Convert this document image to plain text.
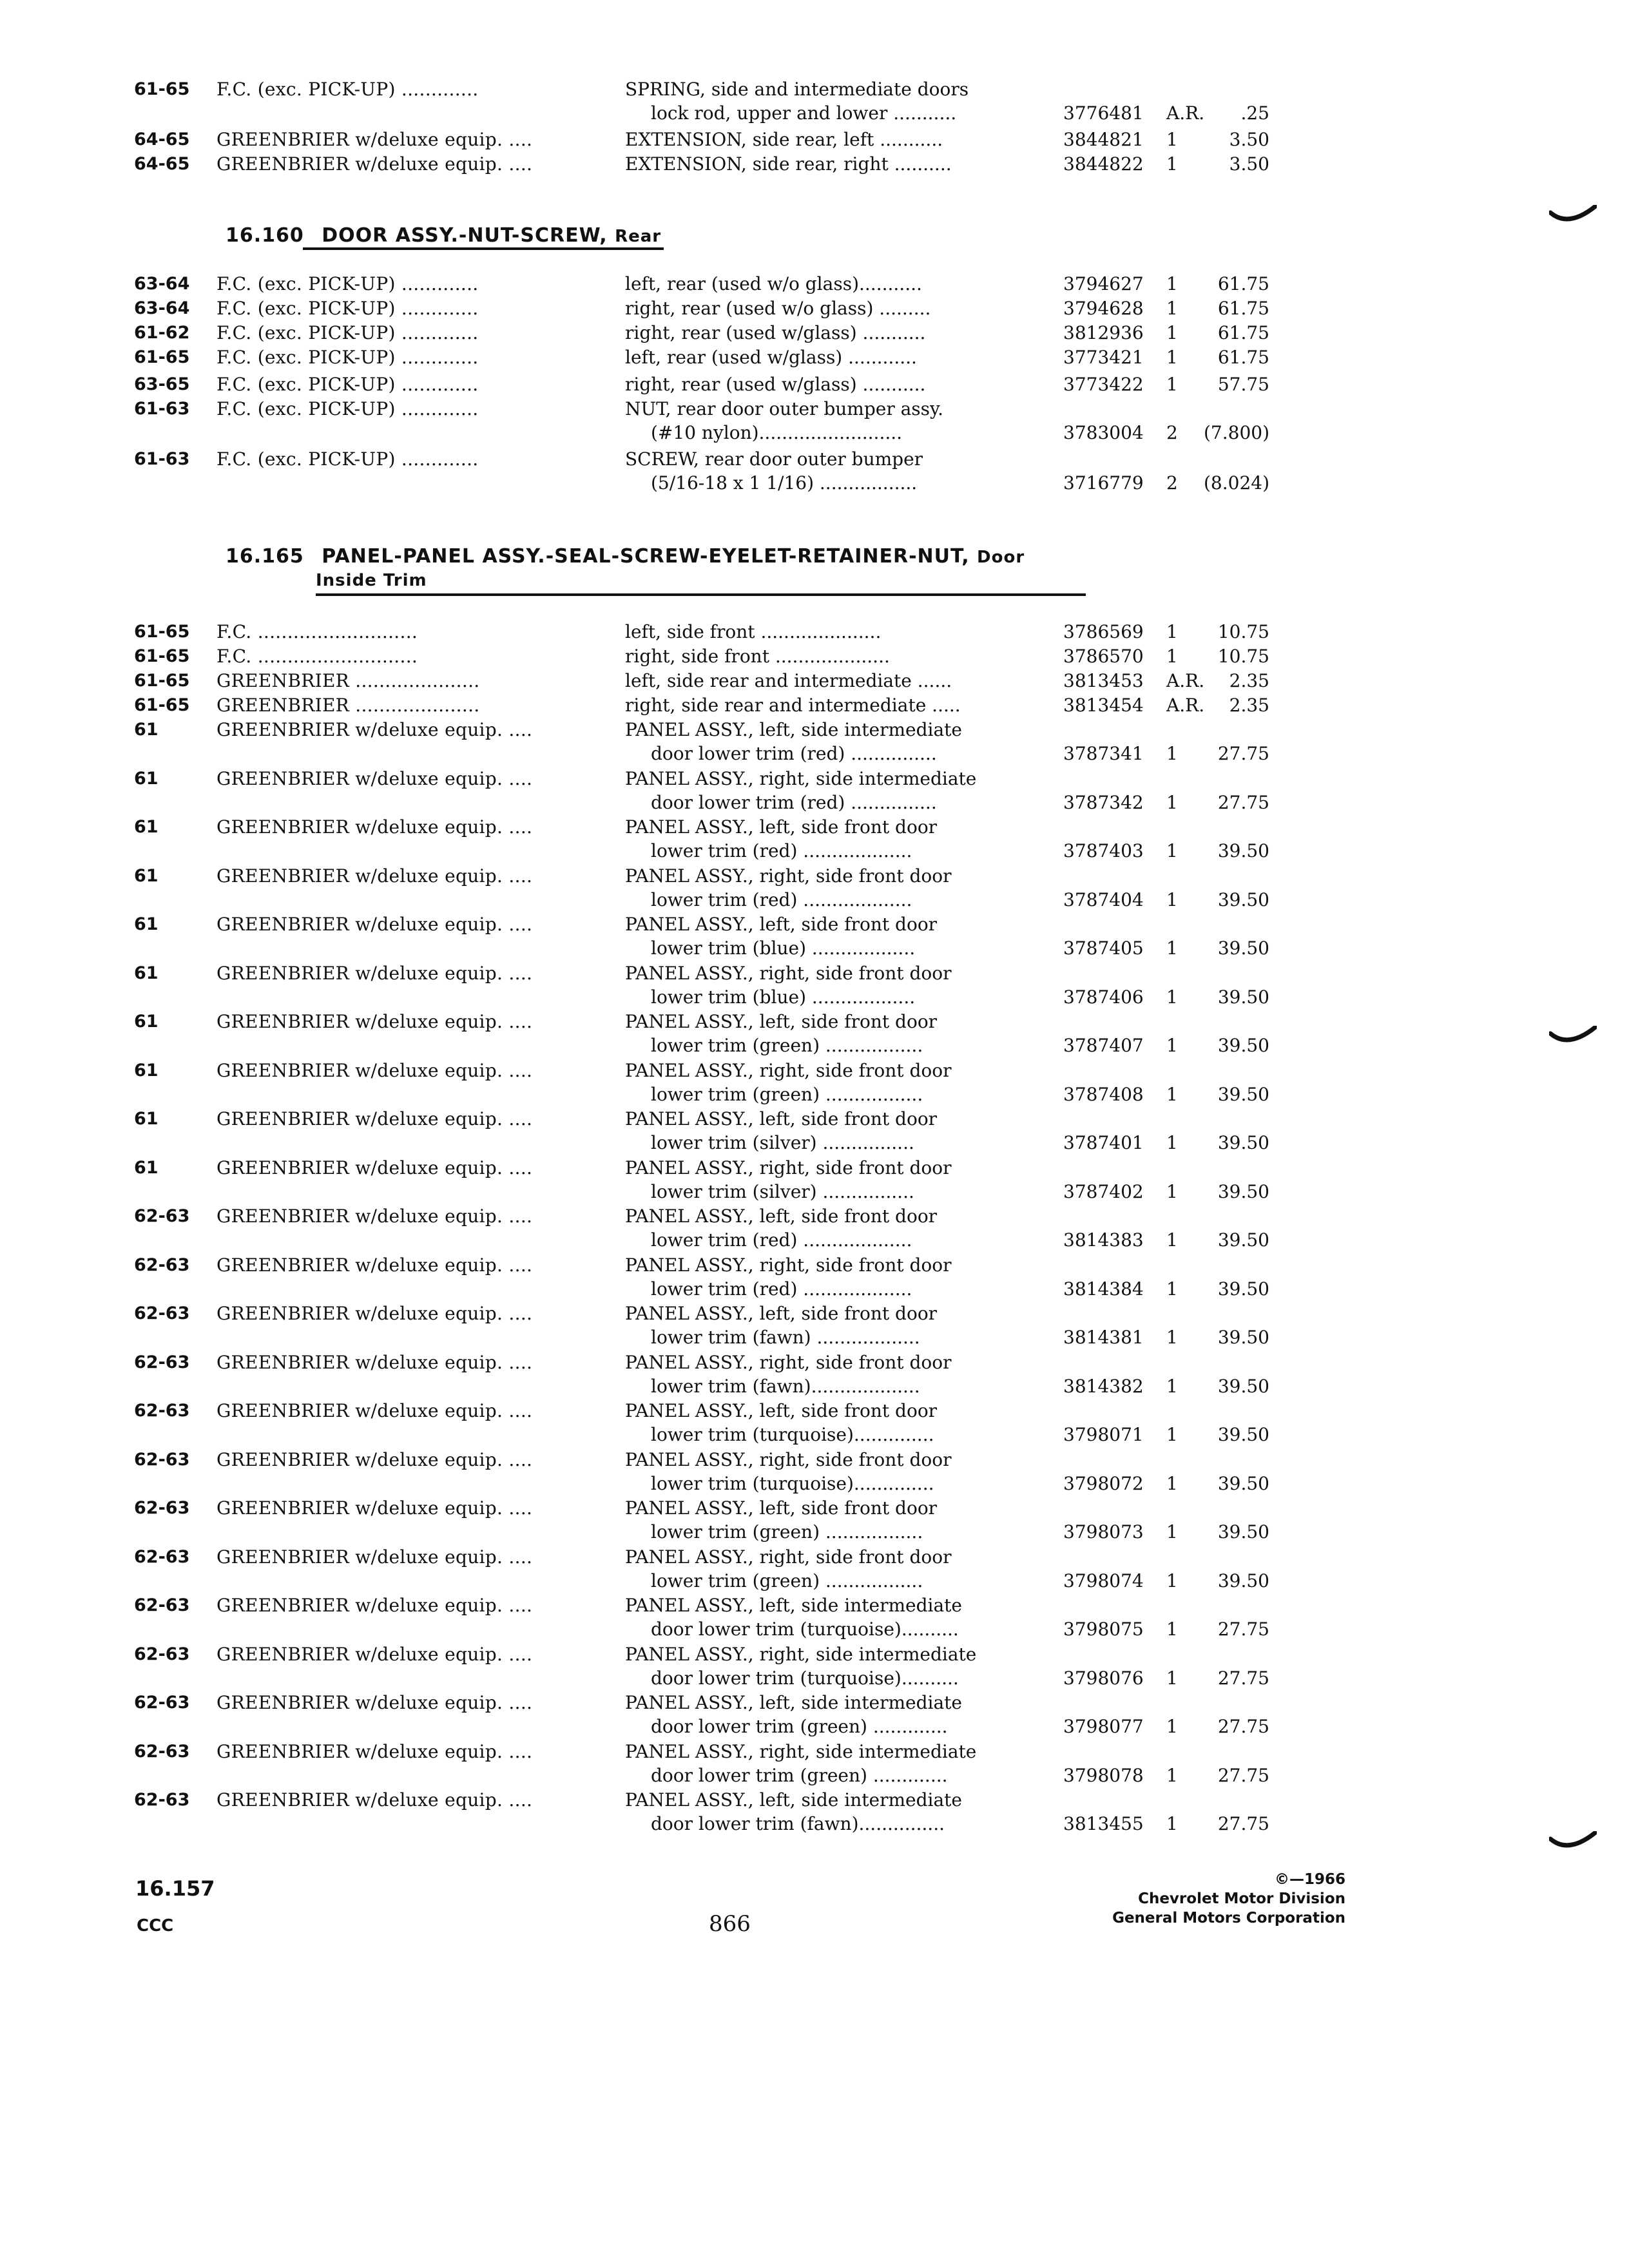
61-65 F.C. (exc. PICK-UP) .............	SPRING, side and intermediate doors
lock rod, upper and lower ...........	3776481 A.R. .25
64-65 GREENBRIER w/deluxe equip. ....	EXTENSION, side rear, left ...........	3844821 1	3.50
64-65 GREENBRIER w/deluxe equip. ....	EXTENSION, side rear, right ..........	3844822 1	3.50
16.160 DOOR ASSY.-NUT-SCREW, Rear
63-64 F.C. (exc. PICK-UP) .............	left, rear (used w/o glass)...........	3794627 1 61.75
63-64 F.C. (exc. PICK-UP) .............	right, rear (used w/o glass) .........	3794628 1 61.75
61-62 F.C. (exc. PICK-UP) .............	right, rear (used w/glass) ...........	3812936 1 61.75
61-65 F.C. (exc. PICK-UP) .............	left, rear (used w/glass) ............	3773421 1 61.75
63-65 F.C. (exc. PICK-UP) .............	right, rear (used w/glass) ...........	3773422 1 57.75
61-63 F.C. (exc. PICK-UP) .............	NUT, rear door outer bumper assy.
(#10 nylon).........................	3783004 2 (7.800)
61-63 F.C. (exc. PICK-UP) .............	SCREW, rear door outer bumper
(5/16-18 x 1 1/16) .................	3716779 2 (8.024)
16.165 PANEL-PANEL ASSY.-SEAL-SCREW-EYELET-RETAINER-NUT, Door
Inside Trim
61-65 F.C. ...........................	left, side front .....................	3786569 1 10.75
61-65 F.C. ...........................	right, side front ....................	3786570 1 10.75
61-65 GREENBRIER .....................	left, side rear and intermediate ......	3813453 A.R. 2.35
61-65 GREENBRIER .....................	right, side rear and intermediate .....	3813454 A.R. 2.35
61	GREENBRIER w/deluxe equip. ....	PANEL ASSY., left, side intermediate
door lower trim (red) ...............	3787341 1 27.75
61	GREENBRIER w/deluxe equip. ....	PANEL ASSY., right, side intermediate
door lower trim (red) ...............	3787342 1 27.75
61	GREENBRIER w/deluxe equip. ....	PANEL ASSY., left, side front door
lower trim (red) ...................	3787403 1 39.50
61	GREENBRIER w/deluxe equip. ....	PANEL ASSY., right, side front door
lower trim (red) ...................	3787404 1 39.50
61	GREENBRIER w/deluxe equip. ....	PANEL ASSY., left, side front door
lower trim (blue) ..................	3787405 1 39.50
61	GREENBRIER w/deluxe equip. ....	PANEL ASSY., right, side front door
lower trim (blue) ..................	3787406 1 39.50
61	GREENBRIER w/deluxe equip. ....	PANEL ASSY., left, side front door
lower trim (green) .................	3787407 1 39.50
61	GREENBRIER w/deluxe equip. ....	PANEL ASSY., right, side front door
lower trim (green) .................	3787408 1 39.50
61	GREENBRIER w/deluxe equip. ....	PANEL ASSY., left, side front door
lower trim (silver) ................	3787401 1 39.50
61	GREENBRIER w/deluxe equip. ....	PANEL ASSY., right, side front door
lower trim (silver) ................	3787402 1 39.50
62-63 GREENBRIER w/deluxe equip. ....	PANEL ASSY., left, side front door
lower trim (red) ...................	3814383 1 39.50
62-63 GREENBRIER w/deluxe equip. ....	PANEL ASSY., right, side front door
lower trim (red) ...................	3814384 1 39.50
62-63 GREENBRIER w/deluxe equip. ....	PANEL ASSY., left, side front door
lower trim (fawn) ..................	3814381 1 39.50
62-63 GREENBRIER w/deluxe equip. ....	PANEL ASSY., right, side front door
lower trim (fawn)...................	3814382 1 39.50
62-63 GREENBRIER w/deluxe equip. ....	PANEL ASSY., left, side front door
lower trim (turquoise)..............	3798071 1 39.50
62-63 GREENBRIER w/deluxe equip. ....	PANEL ASSY., right, side front door
lower trim (turquoise)..............	3798072 1 39.50
62-63 GREENBRIER w/deluxe equip. ....	PANEL ASSY., left, side front door
lower trim (green) .................	3798073 1 39.50
62-63 GREENBRIER w/deluxe equip. ....	PANEL ASSY., right, side front door
lower trim (green) .................	3798074 1 39.50
62-63 GREENBRIER w/deluxe equip. ....	PANEL ASSY., left, side intermediate
door lower trim (turquoise)..........	3798075 1 27.75
62-63 GREENBRIER w/deluxe equip. ....	PANEL ASSY., right, side intermediate
door lower trim (turquoise)..........	3798076 1 27.75
62-63 GREENBRIER w/deluxe equip. ....	PANEL ASSY., left, side intermediate
door lower trim (green) .............	3798077 1 27.75
62-63 GREENBRIER w/deluxe equip. ....	PANEL ASSY., right, side intermediate
door lower trim (green) .............	3798078 1 27.75
62-63 GREENBRIER w/deluxe equip. ....	PANEL ASSY., left, side intermediate
door lower trim (fawn)...............	3813455 1 27.75
16.157
CCC	866
©—1966
Chevrolet Motor Division
General Motors Corporation
